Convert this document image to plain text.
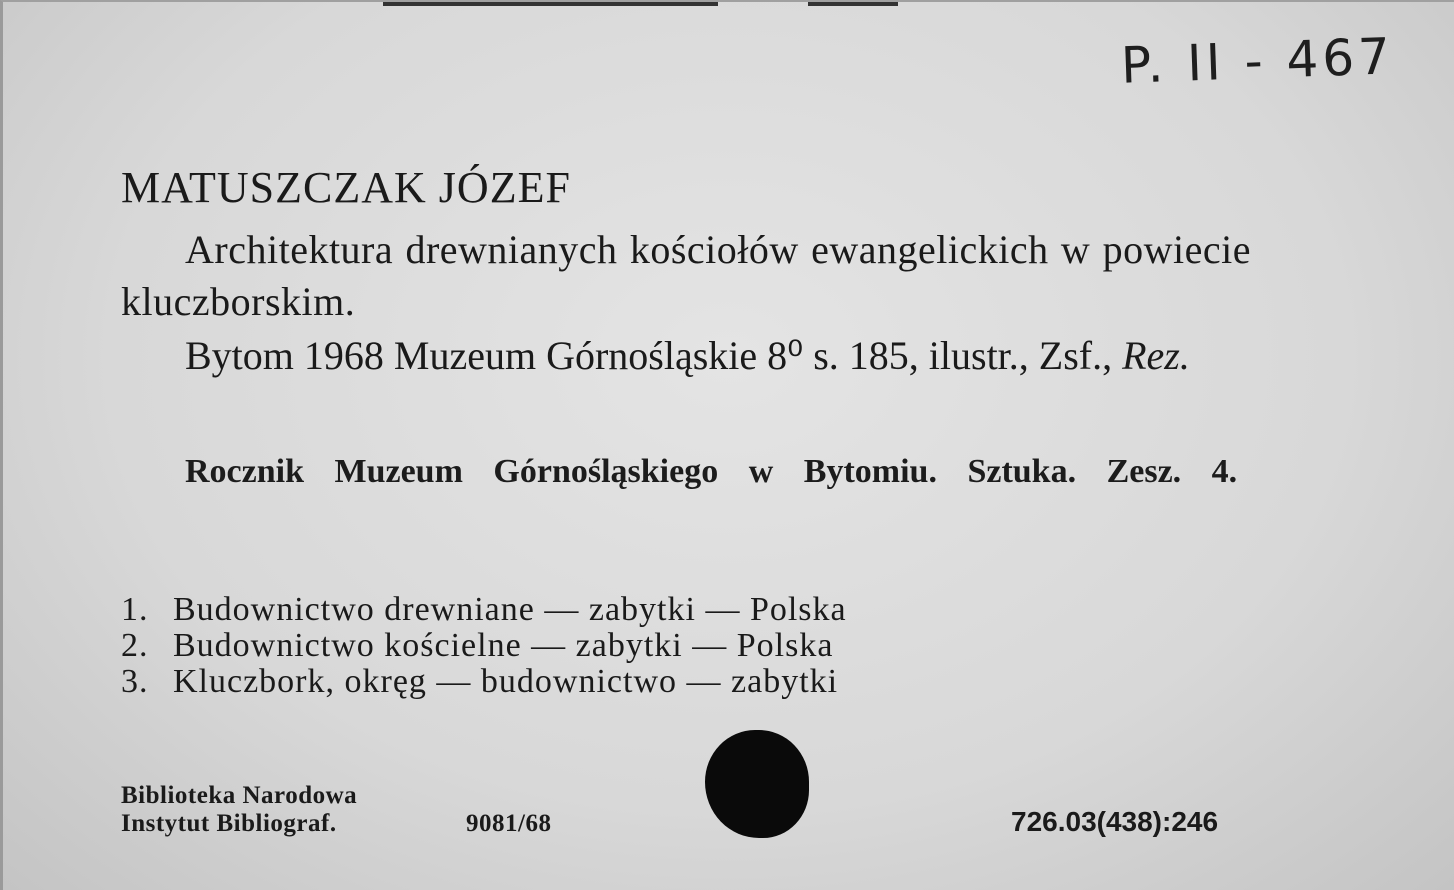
P. II - 467
MATUSZCZAK JÓZEF

Architektura drewnianych kościołów ewangelickich w powiecie kluczborskim.

Bytom 1968 Muzeum Górnośląskie 8⁰ s. 185, ilustr., Zsf., Rez.

Rocznik Muzeum Górnośląskiego w Bytomiu. Sztuka. Zesz. 4.

1. Budownictwo drewniane — zabytki — Polska
2. Budownictwo kościelne — zabytki — Polska
3. Kluczbork, okręg — budownictwo — zabytki
Biblioteka Narodowa
Instytut Bibliograf.	9081/68	726.03(438):246
